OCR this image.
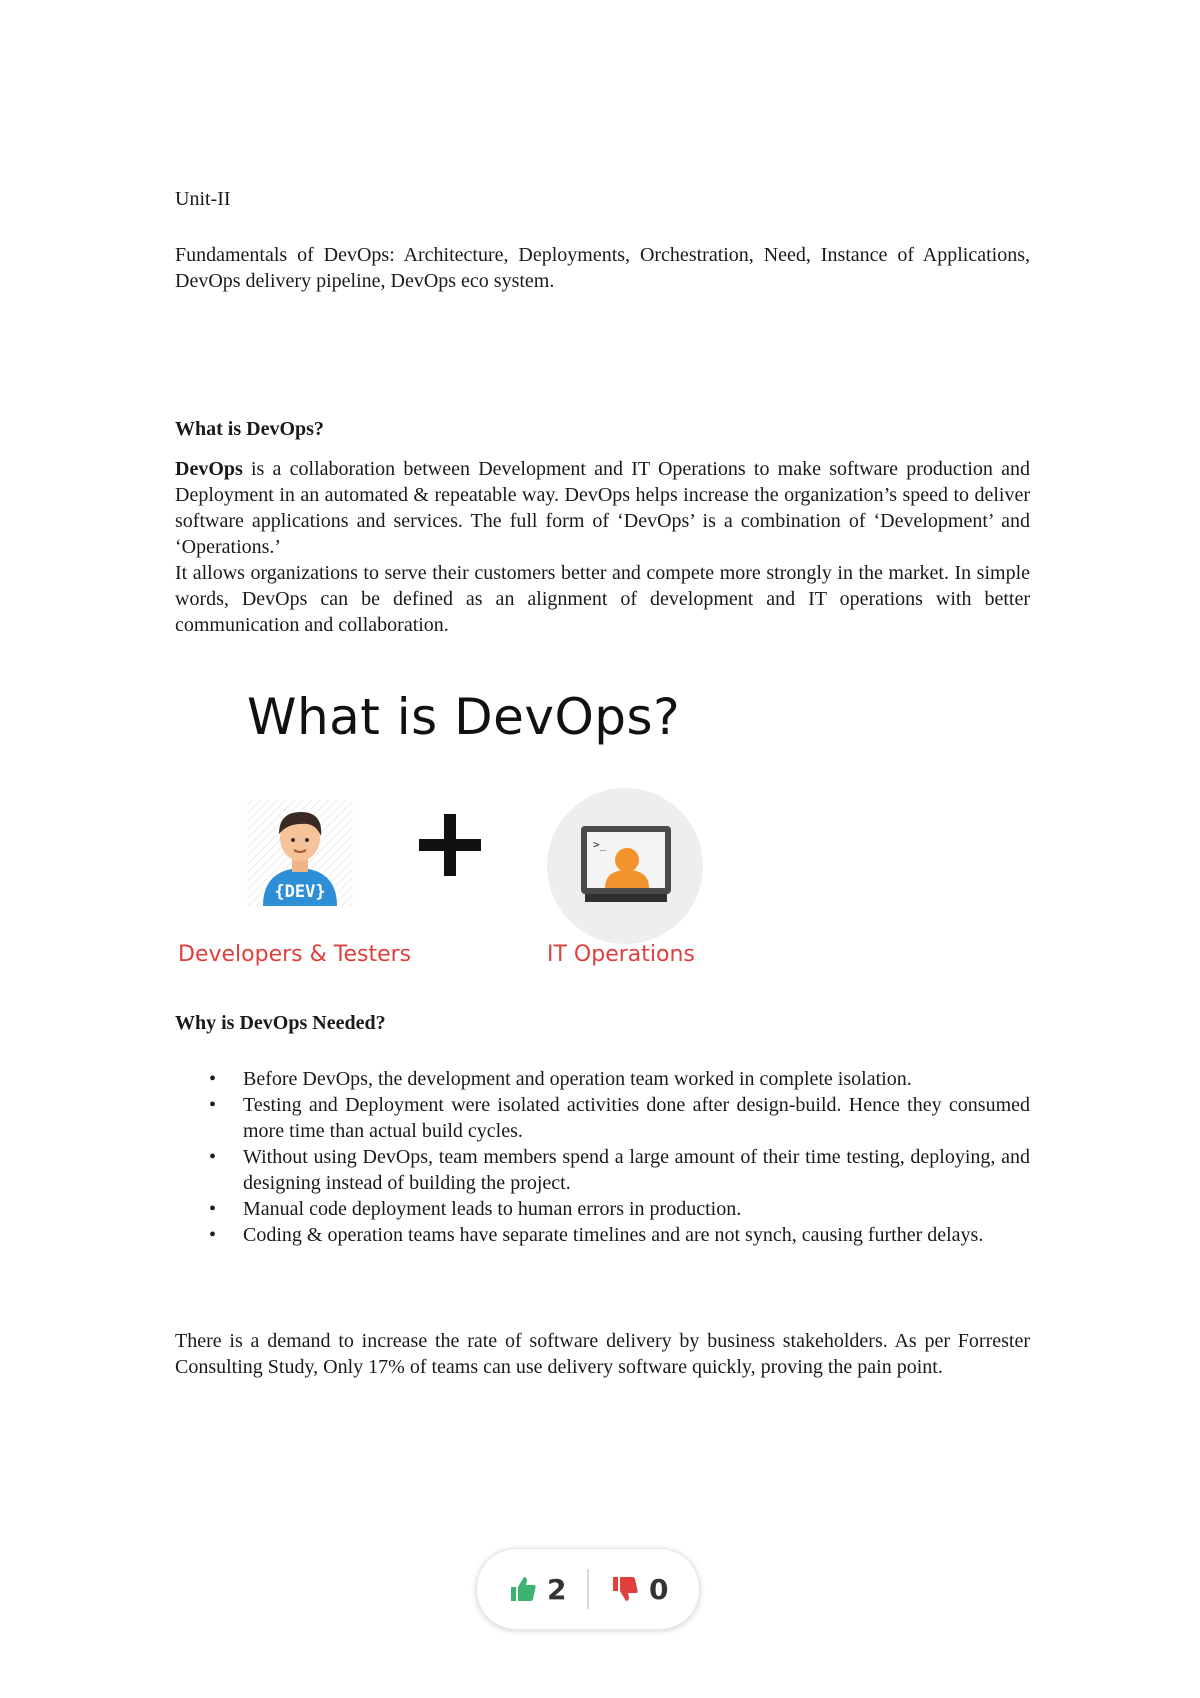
Unit-II
Fundamentals of DevOps: Architecture, Deployments, Orchestration, Need, Instance of Applications, DevOps delivery pipeline, DevOps eco system.
What is DevOps?

DevOps is a collaboration between Development and IT Operations to make software production and Deployment in an automated & repeatable way. DevOps helps increase the organization’s speed to deliver software applications and services. The full form of ‘DevOps’ is a combination of ‘Development’ and ‘Operations.’
It allows organizations to serve their customers better and compete more strongly in the market. In simple words, DevOps can be defined as an alignment of development and IT operations with better communication and collaboration.

What is DevOps?
{DEV}
>_
Developers & Testers	IT Operations
Why is DevOps Needed?
• Before DevOps, the development and operation team worked in complete isolation.
• Testing and Deployment were isolated activities done after design-build. Hence they consumed more time than actual build cycles.
• Without using DevOps, team members spend a large amount of their time testing, deploying, and designing instead of building the project.
• Manual code deployment leads to human errors in production.
• Coding & operation teams have separate timelines and are not synch, causing further delays.

There is a demand to increase the rate of software delivery by business stakeholders. As per Forrester Consulting Study, Only 17% of teams can use delivery software quickly, proving the pain point.

2	0
